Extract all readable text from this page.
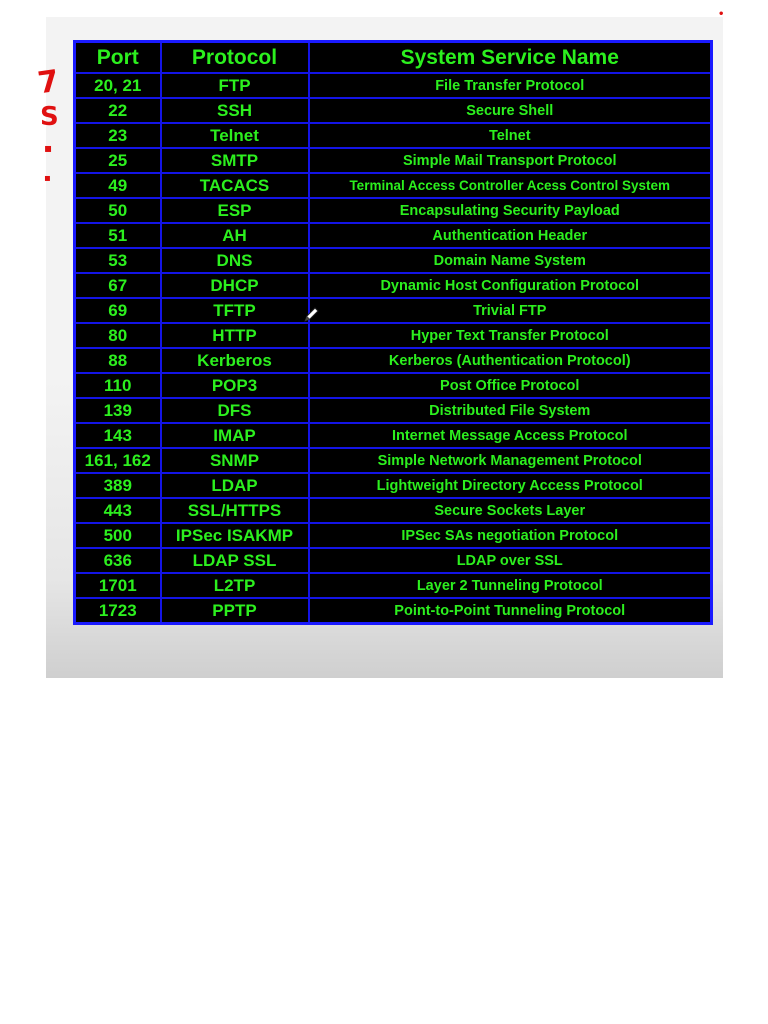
7
S
▪
▪
•
Port	Protocol	System Service Name
20, 21	FTP	File Transfer Protocol
22	SSH	Secure Shell
23	Telnet	Telnet
25	SMTP	Simple Mail Transport Protocol
49	TACACS	Terminal Access Controller Acess Control System
50	ESP	Encapsulating Security Payload
51	AH	Authentication Header
53	DNS	Domain Name System
67	DHCP	Dynamic Host Configuration Protocol
69	TFTP	Trivial FTP
80	HTTP	Hyper Text Transfer Protocol
88	Kerberos	Kerberos (Authentication Protocol)
110	POP3	Post Office Protocol
139	DFS	Distributed File System
143	IMAP	Internet Message Access Protocol
161, 162	SNMP	Simple Network Management Protocol
389	LDAP	Lightweight Directory Access Protocol
443	SSL/HTTPS	Secure Sockets Layer
500	IPSec ISAKMP	IPSec SAs negotiation Protocol
636	LDAP SSL	LDAP over SSL
1701	L2TP	Layer 2 Tunneling Protocol
1723	PPTP	Point-to-Point Tunneling Protocol
